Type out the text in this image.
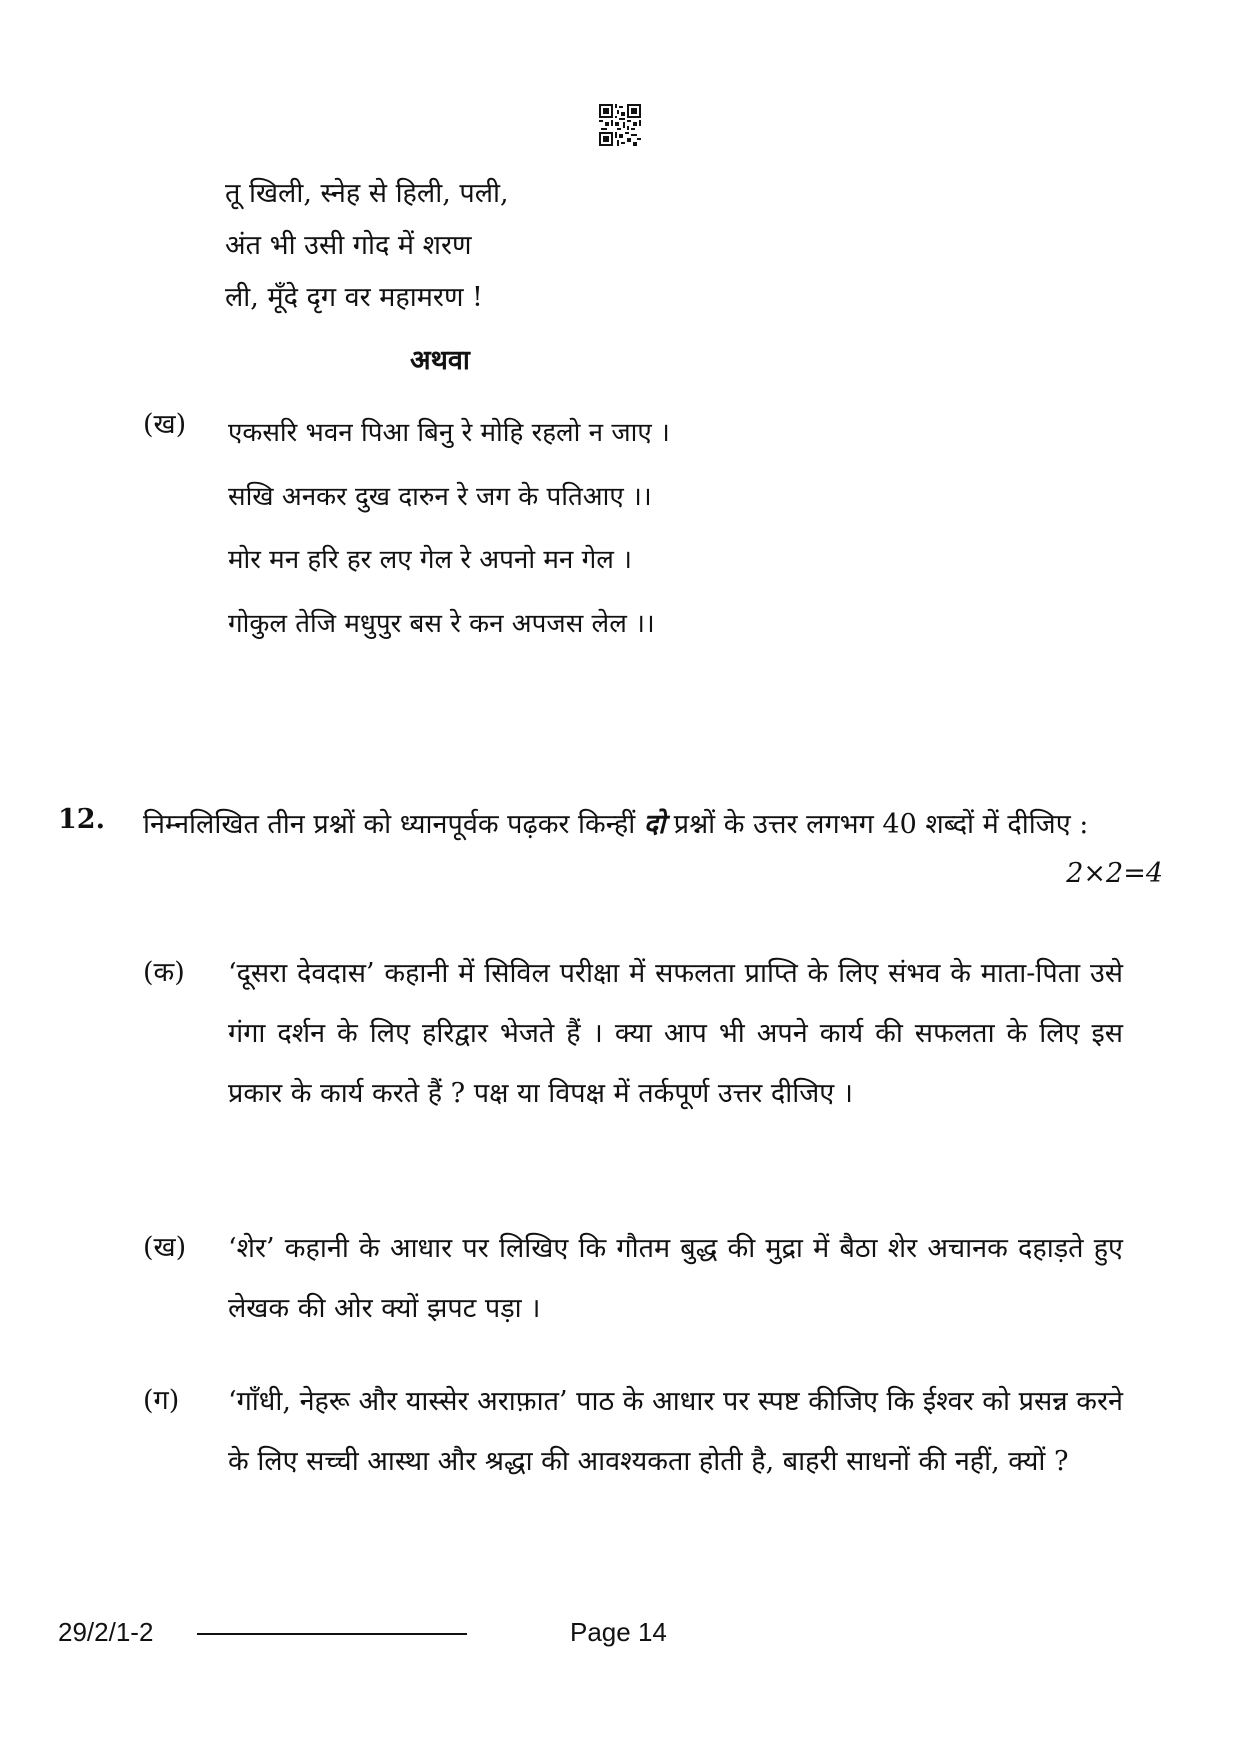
तू खिली, स्नेह से हिली, पली,
अंत भी उसी गोद में शरण
ली, मूँदे दृग वर महामरण !
अथवा
(ख) एकसरि भवन पिआ बिनु रे मोहि रहलो न जाए ।
सखि अनकर दुख दारुन रे जग के पतिआए ।।
मोर मन हरि हर लए गेल रे अपनो मन गेल ।
गोकुल तेजि मधुपुर बस रे कन अपजस लेल ।।
12. निम्नलिखित तीन प्रश्नों को ध्यानपूर्वक पढ़कर किन्हीं दो प्रश्नों के उत्तर लगभग 40 शब्दों में दीजिए :
2×2=4
(क) ‘दूसरा देवदास’ कहानी में सिविल परीक्षा में सफलता प्राप्ति के लिए संभव के माता-पिता उसे गंगा दर्शन के लिए हरिद्वार भेजते हैं । क्या आप भी अपने कार्य की सफलता के लिए इस प्रकार के कार्य करते हैं ? पक्ष या विपक्ष में तर्कपूर्ण उत्तर दीजिए ।
(ख) ‘शेर’ कहानी के आधार पर लिखिए कि गौतम बुद्ध की मुद्रा में बैठा शेर अचानक दहाड़ते हुए लेखक की ओर क्यों झपट पड़ा ।
(ग) ‘गाँधी, नेहरू और यास्सेर अराफ़ात’ पाठ के आधार पर स्पष्ट कीजिए कि ईश्वर को प्रसन्न करने के लिए सच्ची आस्था और श्रद्धा की आवश्यकता होती है, बाहरी साधनों की नहीं, क्यों ?
29/2/1-2	Page 14
